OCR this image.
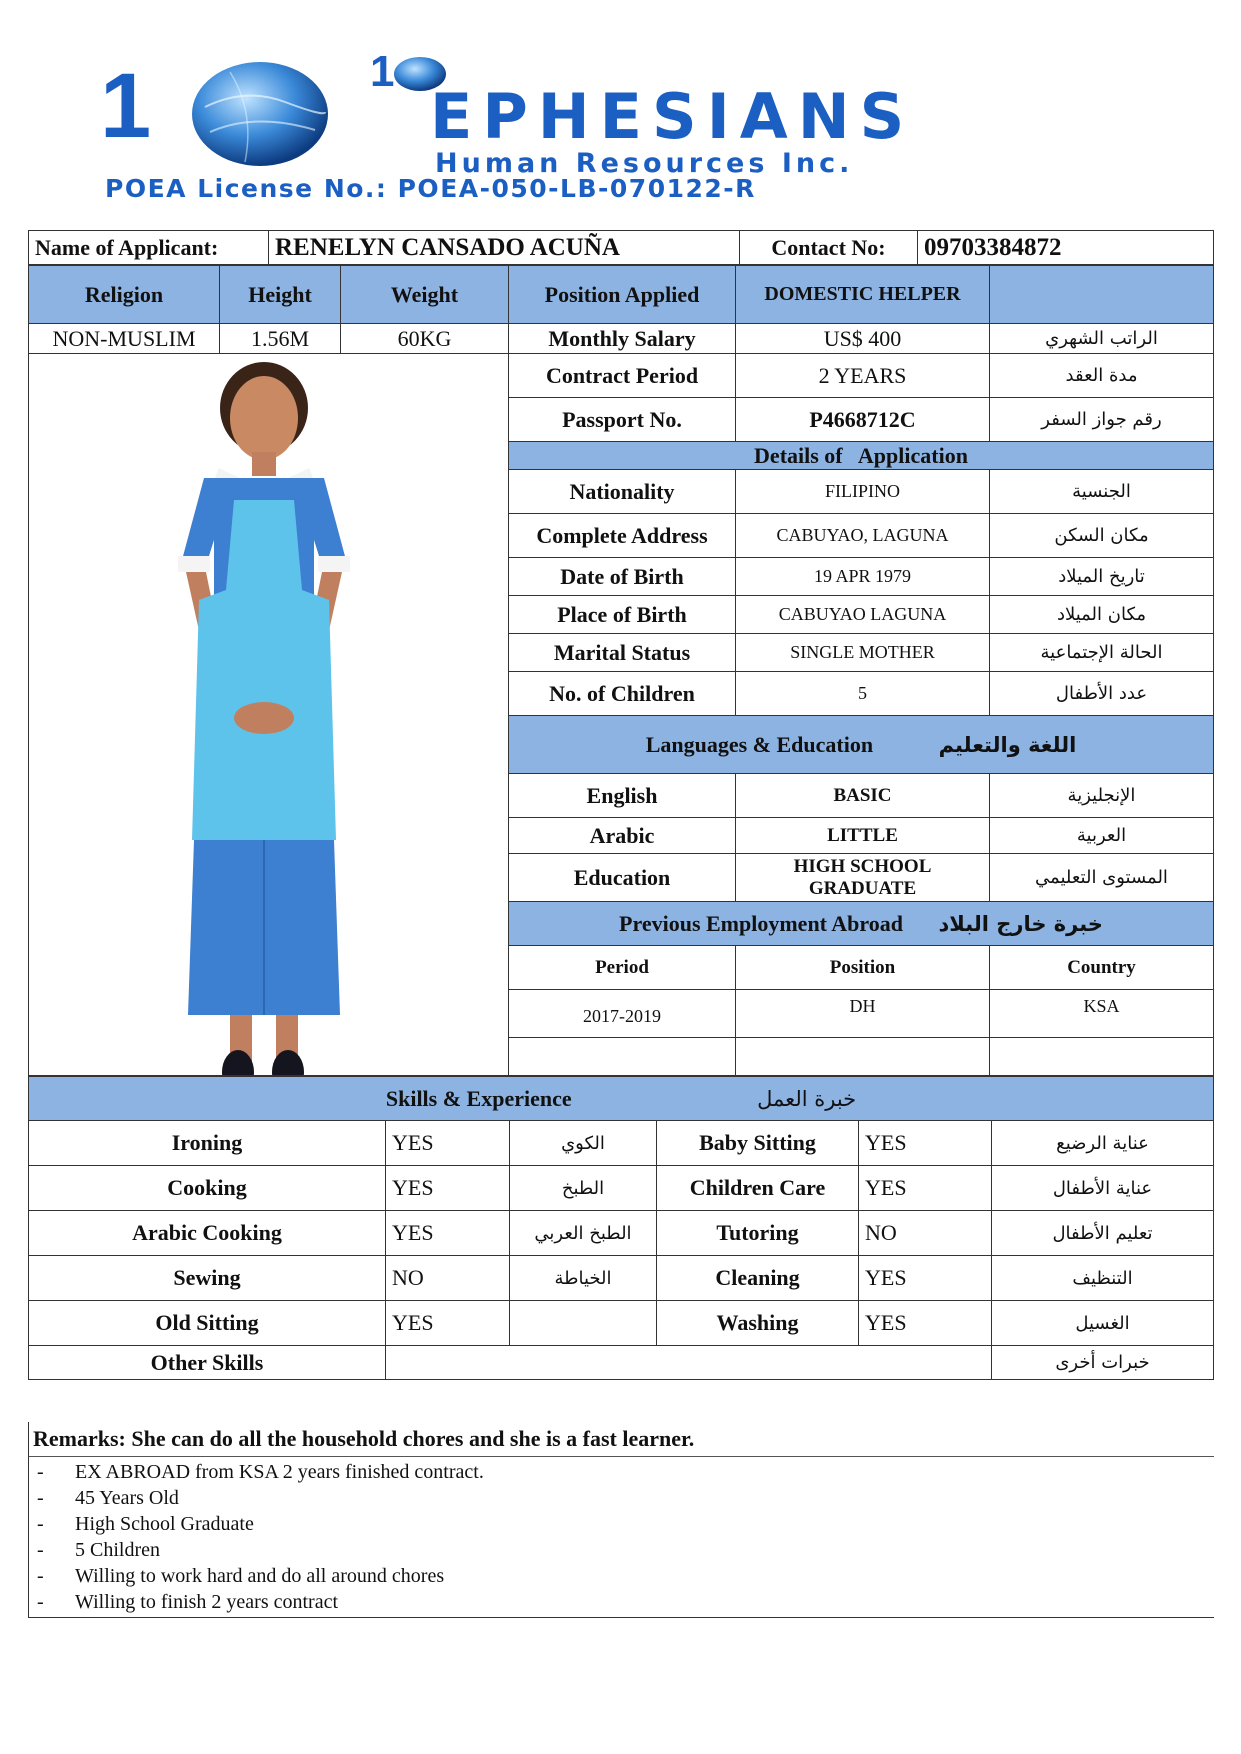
1	1
EPHESIANS
Human Resources Inc.
POEA License No.: POEA-050-LB-070122-R
Name of Applicant:	RENELYN CANSADO ACUÑA	Contact No:	09703384872
Religion	Height	Weight	Position Applied	DOMESTIC HELPER	
NON-MUSLIM	1.56M	60KG	Monthly Salary	US$ 400	الراتب الشهري

	Contract Period	2 YEARS	مدة العقد
			Passport No.	P4668712C	رقم جواز السفر
			Details of   Application		
			Nationality	FILIPINO	الجنسية
			Complete Address	CABUYAO, LAGUNA	مكان السكن
			Date of Birth	19 APR 1979	تاريخ الميلاد
			Place of Birth	CABUYAO LAGUNA	مكان الميلاد
			Marital Status	SINGLE MOTHER	الحالة الإجتماعية
			No. of Children	5	عدد الأطفال
			Languages & Education اللغة والتعليم		
			English	BASIC	الإنجليزية
			Arabic	LITTLE	العربية
			Education	HIGH SCHOOL GRADUATE	المستوى التعليمي
			Previous Employment Abroad خبرة خارج البلاد		
			Period	Position	Country
			2017-2019	DH	KSA

Skills & Experience خبرة العمل					
Ironing	YES	الكوي	Baby Sitting	YES	عناية الرضيع
Cooking	YES	الطبخ	Children Care	YES	عناية الأطفال
Arabic Cooking	YES	الطبخ العربي	Tutoring	NO	تعليم الأطفال
Sewing	NO	الخياطة	Cleaning	YES	التنظيف
Old Sitting	YES		Washing	YES	الغسيل
Other Skills					خبرات أخرى
Remarks: She can do all the household chores and she is a fast learner.
- EX ABROAD from KSA 2 years finished contract.
- 45 Years Old
- High School Graduate
- 5 Children
- Willing to work hard and do all around chores
- Willing to finish 2 years contract
